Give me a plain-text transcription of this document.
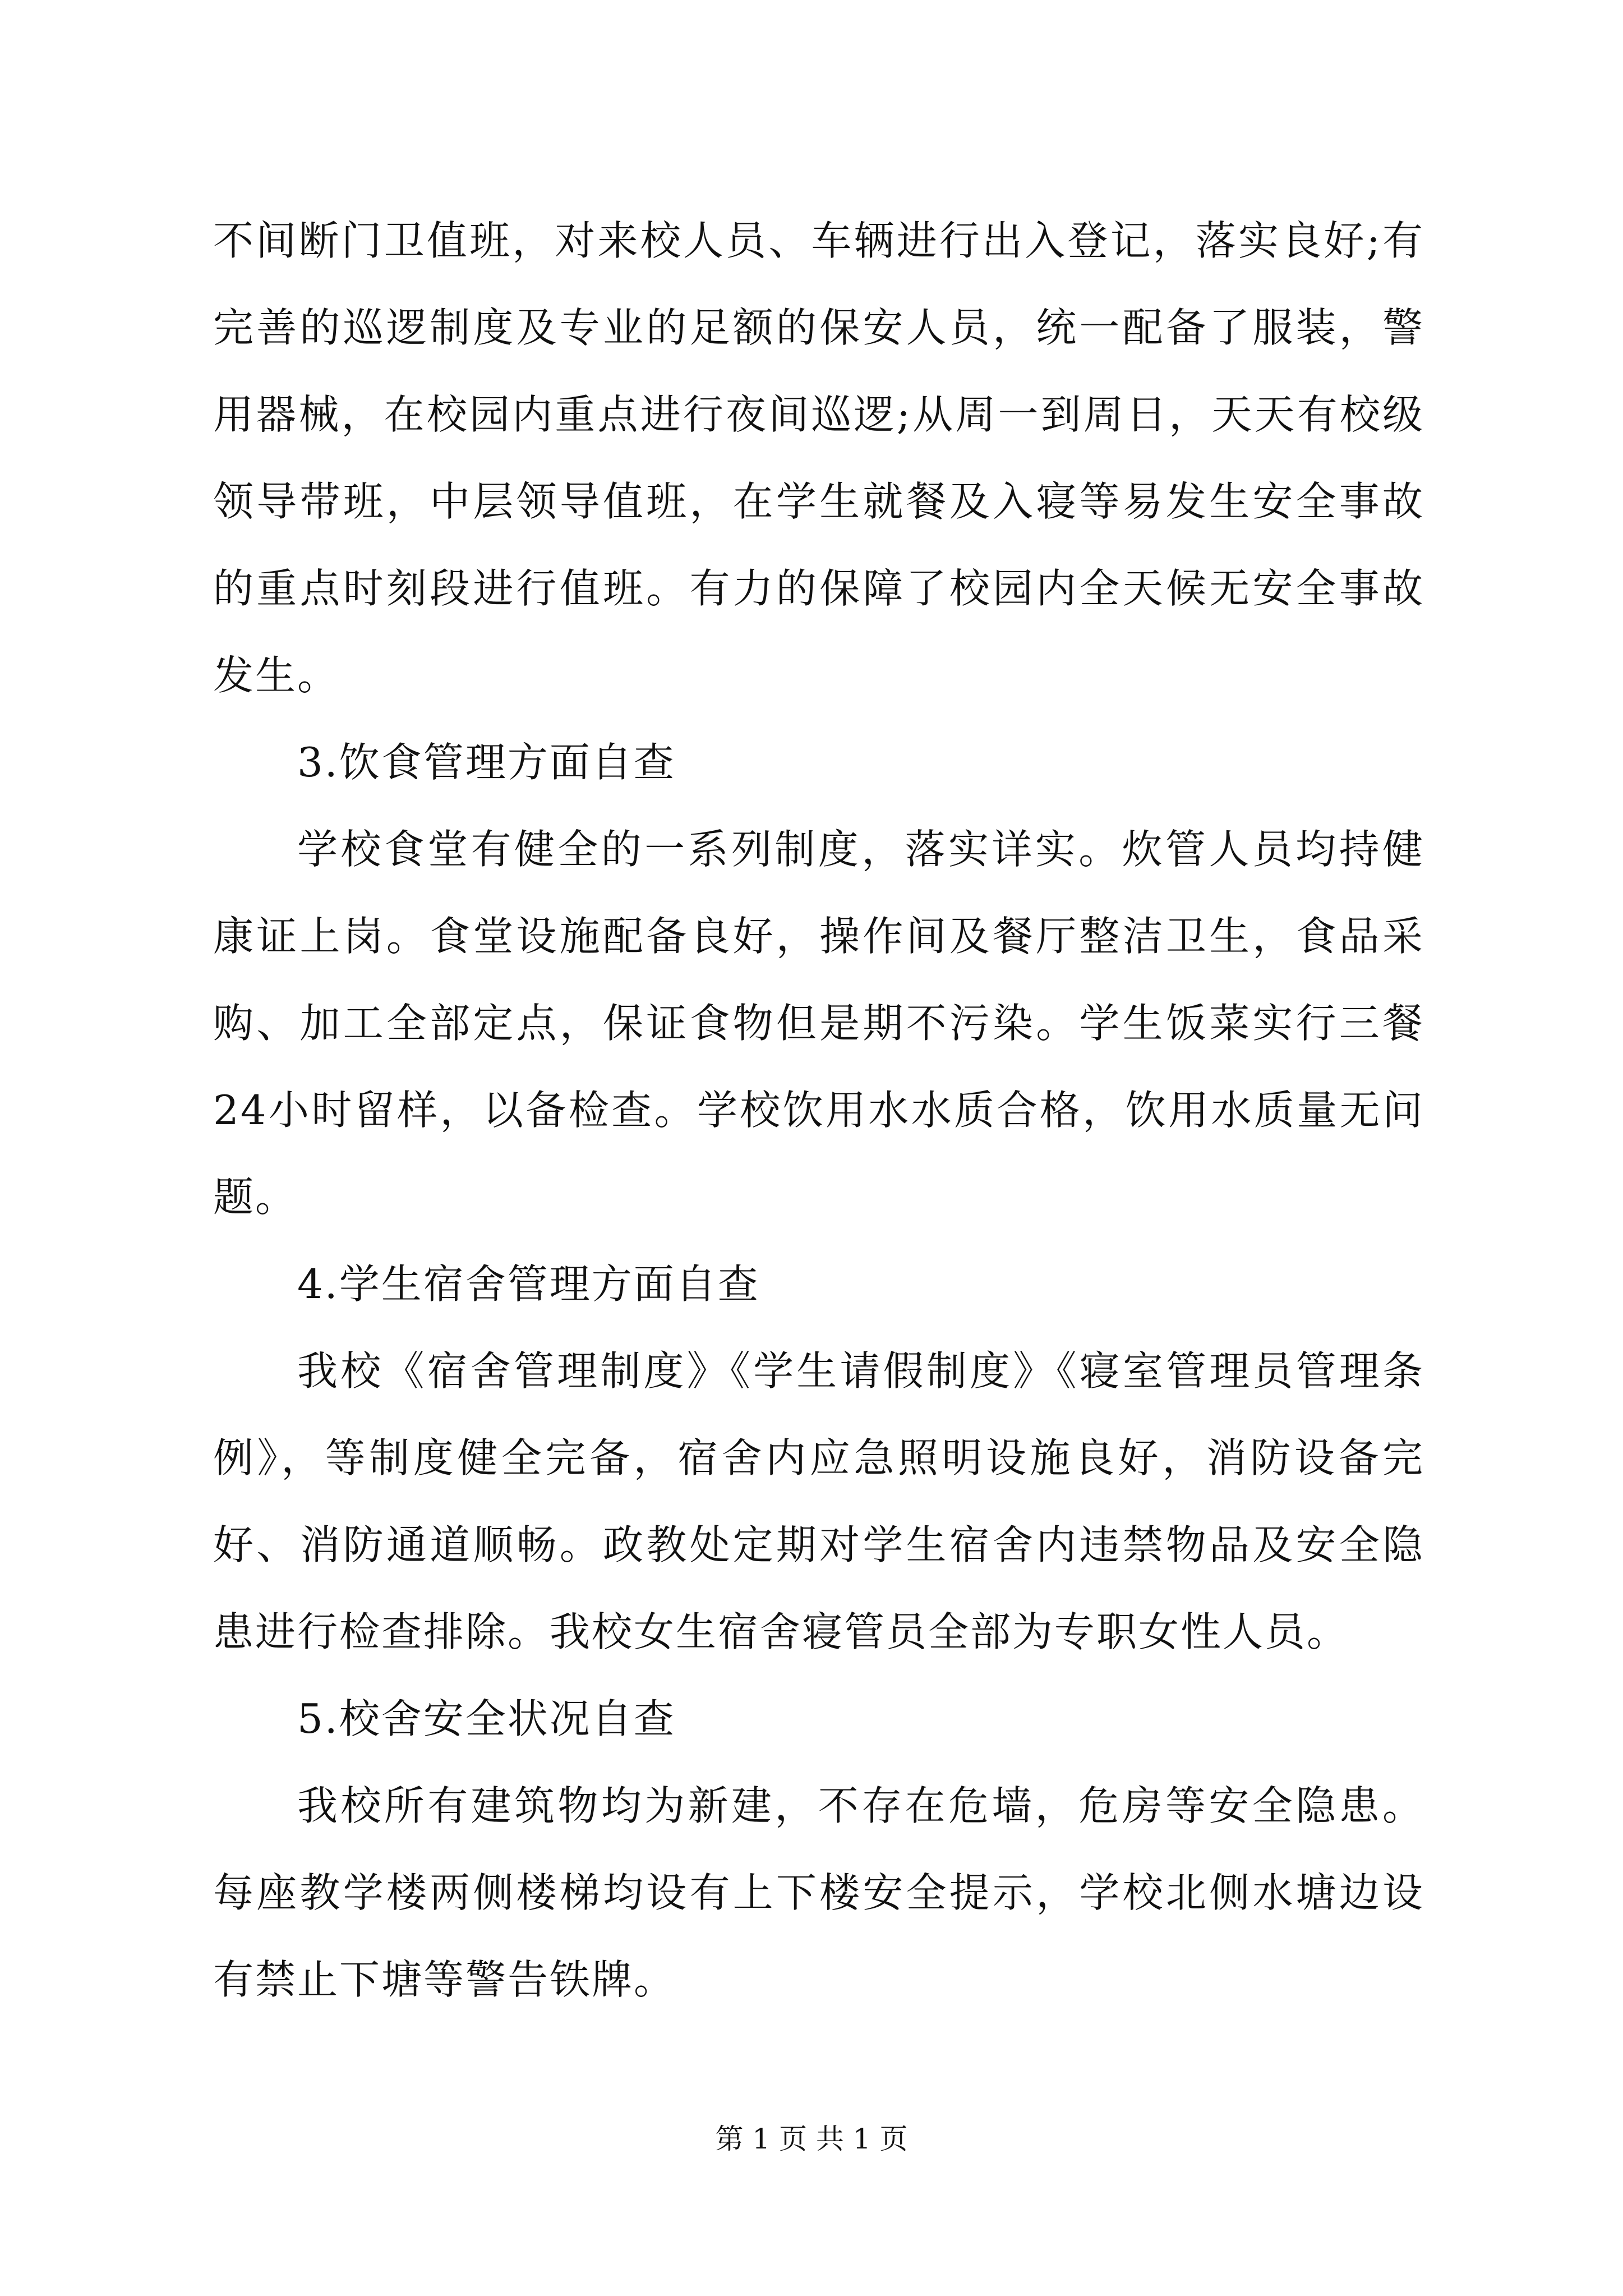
不间断门卫值班，对来校人员、车辆进行出入登记，落实良好;有完善的巡逻制度及专业的足额的保安人员，统一配备了服装，警用器械，在校园内重点进行夜间巡逻;从周一到周日，天天有校级领导带班，中层领导值班，在学生就餐及入寝等易发生安全事故的重点时刻段进行值班。有力的保障了校园内全天候无安全事故发生。

3.饮食管理方面自查

学校食堂有健全的一系列制度，落实详实。炊管人员均持健康证上岗。食堂设施配备良好，操作间及餐厅整洁卫生，食品采购、加工全部定点，保证食物但是期不污染。学生饭菜实行三餐24小时留样，以备检查。学校饮用水水质合格，饮用水质量无问题。

4.学生宿舍管理方面自查

我校《宿舍管理制度》《学生请假制度》《寝室管理员管理条例》，等制度健全完备，宿舍内应急照明设施良好，消防设备完好、消防通道顺畅。政教处定期对学生宿舍内违禁物品及安全隐患进行检查排除。我校女生宿舍寝管员全部为专职女性人员。

5.校舍安全状况自查

我校所有建筑物均为新建，不存在危墙，危房等安全隐患。每座教学楼两侧楼梯均设有上下楼安全提示，学校北侧水塘边设有禁止下塘等警告铁牌。

第 1 页 共 1 页
